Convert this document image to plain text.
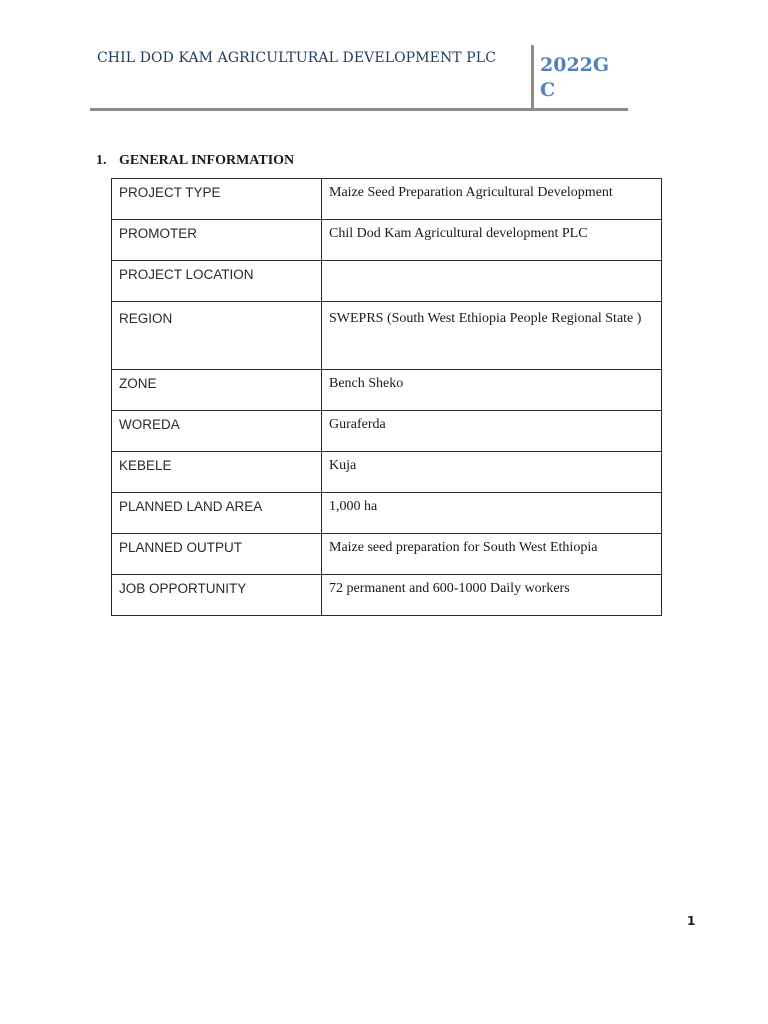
CHIL DOD KAM AGRICULTURAL DEVELOPMENT PLC 2022GC
1. GENERAL INFORMATION
PROJECT TYPE	Maize Seed Preparation Agricultural Development
PROMOTER	Chil Dod Kam Agricultural development PLC
PROJECT LOCATION	
REGION	SWEPRS (South West Ethiopia People Regional State )
ZONE	Bench Sheko
WOREDA	Guraferda
KEBELE	Kuja
PLANNED LAND AREA	1,000 ha
PLANNED OUTPUT	Maize seed preparation for South West Ethiopia
JOB OPPORTUNITY	72 permanent and 600-1000 Daily workers
1
